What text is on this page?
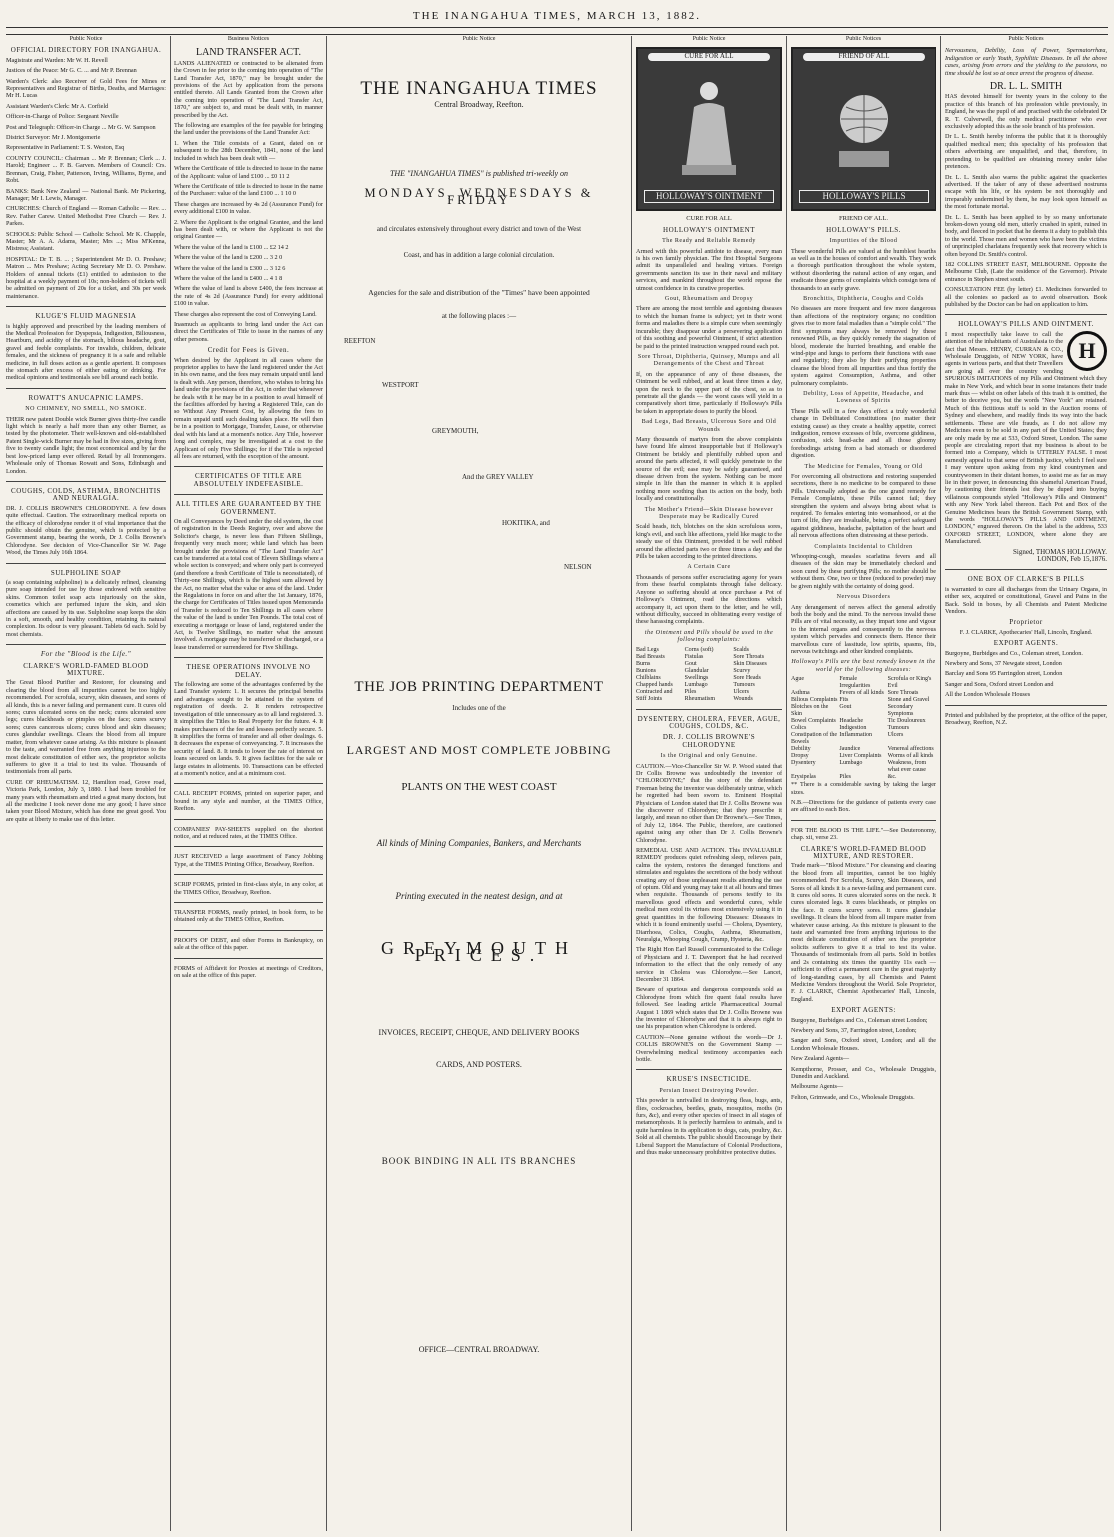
THE INANGAHUA TIMES, MARCH 13, 1882.
Public Notice
OFFICIAL DIRECTORY FOR INANGAHUA.

Magistrate and Warden: Mr W. H. Revell

Justices of the Peace: Mr G. C. ... and Mr P. Brennan

Warden's Clerk: also Receiver of Gold Fees for Mines or Representatives and Registrar of Births, Deaths, and Marriages: Mr H. Lucas

Assistant Warden's Clerk: Mr A. Corfield

Officer-in-Charge of Police: Sergeant Neville

Post and Telegraph: Officer-in Charge ... Mr G. W. Sampson

District Surveyor: Mr J. Montgomerie

Representative in Parliament: T. S. Weston, Esq

COUNTY COUNCIL: Chairman ... Mr P. Brennan; Clerk ... J. Harold; Engineer ... F. B. Garven. Members of Council: Crs. Brennan, Craig, Fisher, Patterson, Irving, Williams, Byrne, and Robt.

BANKS: Bank New Zealand — National Bank. Mr Pickering, Manager; Mr I. Lewis, Manager.

CHURCHES: Church of England — Roman Catholic — Rev. ... Rev. Father Carew. United Methodist Free Church — Rev. J. Parkes.

SCHOOLS: Public School — Catholic School. Mr K. Chapple, Master; Mr A. A. Adams, Master; Mrs ...; Miss M'Kenna, Mistress; Assistant.

HOSPITAL: Dr T. B. ... ; Superintendent Mr D. O. Preshaw; Matron ... Mrs Preshaw; Acting Secretary Mr D. O. Preshaw. Holders of annual tickets (£1) entitled to admission to the hospital at a weekly payment of 10s; non-holders of tickets will be admitted on payment of 20s for a ticket, and 30s per week maintenance.

KLUGE'S FLUID MAGNESIA

is highly approved and prescribed by the leading members of the Medical Profession for Dyspepsia, Indigestion, Biliousness, Heartburn, and acidity of the stomach, bilious headache, gout, gravel and feeble complaints. For invalids, children, delicate females, and the sickness of pregnancy it is a safe and reliable medicine, in full doses action as a gentle aperient. It composes the stomach after excess of either eating or drinking. For medical opinions and testimonials see bill around each bottle.

ROWATT'S ANUCAPNIC LAMPS.
NO CHIMNEY, NO SMELL, NO SMOKE.

THEIR new patent Double wick Burner gives thirty-five candle light which is nearly a half more than any other Burner, as tested by the photometer. Their well-known and old-established Patent Single-wick Burner may be had in five sizes, giving from five to twenty candle light; the most economical and by far the best low-priced lamp ever offered. Retail by all Ironmongers. Wholesale only of Thomas Rowatt and Sons, Edinburgh and London.

COUGHS, COLDS, ASTHMA, BRONCHITIS AND NEURALGIA.

DR. J. COLLIS BROWNE'S CHLORODYNE. A few doses quite effectual. Caution. The extraordinary medical reports on the efficacy of chlorodyne render it of vital importance that the public should obtain the genuine, which is protected by a Government stamp, bearing the words, Dr J. Collis Browne's Chlorodyne. See decision of Vice-Chancellor Sir W. Page Wood, the Times July 16th 1864.

SULPHOLINE SOAP

(a soap containing sulpholine) is a delicately refined, cleansing pure soap intended for use by those endowed with sensitive skins. Common toilet soap acts injuriously on the skin, cosmetics which are perfumed injure the skin, and skin affections are caused by its use. Sulpholine soap keeps the skin in a soft, smooth, and healthy condition, retaining its natural complexion. Its odour is very pleasant. Tablets 6d each. Sold by most chemists.

For the "Blood is the Life."
CLARKE'S WORLD-FAMED BLOOD MIXTURE.

The Great Blood Purifier and Restorer, for cleansing and clearing the blood from all impurities cannot be too highly recommended. For scrofula, scurvy, skin diseases, and sores of all kinds, this is a never failing and permanent cure. It cures old sores; cures ulcerated sores on the neck; cures ulcerated sore legs; cures blackheads or pimples on the face; cures scurvy sores; cures cancerous ulcers; cures blood and skin diseases; cures glandular swellings. Clears the blood from all impure matter, from whatever cause arising. As this mixture is pleasant to the taste, and warranted free from anything injurious to the most delicate constitution of either sex, the proprietor solicits sufferers to give it a trial to test its value. Thousands of testimonials from all parts.

CURE OF RHEUMATISM. 12, Hamilton road, Grove road, Victoria Park, London, July 3, 1880. I had been troubled for many years with rheumatism and tried a great many doctors, but all the medicine I took never done me any good; I have since taken your Blood Mixture, which has done me great good. You are quite at liberty to make use of this letter.

Business Notices
LAND TRANSFER ACT.

LANDS ALIENATED or contracted to be alienated from the Crown in fee prior to the coming into operation of "The Land Transfer Act, 1870," may be brought under the provisions of the Act by application from the persons entitled thereto. All Lands Granted from the Crown after the coming into operation of "The Land Transfer Act, 1870," are subject to, and must be dealt with, in manner prescribed by the Act.

The following are examples of the fee payable for bringing the land under the provisions of the Land Transfer Act:

1. When the Title consists of a Grant, dated on or subsequent to the 28th December, 1841, none of the land included in which has been dealt with —

Where the Certificate of title is directed to issue in the name of the Applicant: value of land £100 ... £0 11 2

Where the Certificate of title is directed to issue in the name of the Purchaser: value of the land £100 ... 1 10 0

These charges are increased by 4s 2d (Assurance Fund) for every additional £100 in value.

2. Where the Applicant is the original Grantee, and the land has been dealt with, or where the Applicant is not the original Grantee —

Where the value of the land is £100 ... £2 14 2

Where the value of the land is £200 ... 3 2 0

Where the value of the land is £300 ... 3 12 6

Where the value of the land is £400 ... 4 1 8

Where the value of land is above £400, the fees increase at the rate of 4s 2d (Assurance Fund) for every additional £100 in value.

These charges also represent the cost of Conveying Land.

Inasmuch as applicants to bring land under the Act can direct the Certificates of Title to issue in the names of any other persons.

Credit for Fees is Given.

When desired by the Applicant in all cases where the proprietor applies to have the land registered under the Act in his own name, and the fees may remain unpaid until land is dealt with. Any person, therefore, who wishes to bring his land under the provisions of the Act, in order that whenever he deals with it he may be in a position to avail himself of the facilities afforded by having a Registered Title, can do so Without Any Present Cost, by allowing the fees to remain unpaid until such dealing takes place. He will then be in a position to Mortgage, Transfer, Lease, or otherwise deal with his land at a moment's notice. Any Title, however long and complex, may be investigated at a cost to the Applicant of only Five Shillings; for if the Title is rejected all fees are returned, with the exception of the amount.

CERTIFICATES OF TITLE ARE ABSOLUTELY INDEFEASIBLE.
ALL TITLES ARE GUARANTEED BY THE GOVERNMENT.

On all Conveyances by Deed under the old system, the cost of registration in the Deeds Registry, over and above the Solicitor's charge, is never less than Fifteen Shillings, frequently very much more; while land which has been brought under the provisions of "The Land Transfer Act" can be transferred at a total cost of Eleven Shillings where a whole section is conveyed; and where only part is conveyed (and therefore a fresh Certificate of Title is necessitated), of Thirty-one Shillings, which is the highest sum allowed by the Act, no matter what the value or area of the land. Under the Regulations in force on and after the 1st January, 1876, the charge for Certificates of Titles issued upon Memoranda of Transfer is reduced to Ten Shillings in all cases where the value of the land is under Ten Pounds. The total cost of executing a mortgage or lease of land, registered under the Act, is Twelve Shillings, no matter what the amount involved. A mortgage may be transferred or discharged, or a lease transferred or surrendered for Five Shillings.

THESE OPERATIONS INVOLVE NO DELAY.

The following are some of the advantages conferred by the Land Transfer system: 1. It secures the principal benefits and advantages sought to be attained in the system of registration of deeds. 2. It renders retrospective investigation of title unnecessary as to all land registered. 3. It simplifies the Titles to Real Property for the future. 4. It makes purchasers of the fee and lessees perfectly secure. 5. It simplifies the forms of transfer and all other dealings. 6. It decreases the expense of conveyancing. 7. It increases the security of land. 8. It tends to lower the rate of interest on loans secured on lands. 9. It gives facilities for the sale or large estates in allotments. 10. Transactions can be effected at a moment's notice, and at a minimum cost.

CALL RECEIPT FORMS, printed on superior paper, and bound in any style and number, at the TIMES Office, Reefton.

COMPANIES' PAY-SHEETS supplied on the shortest notice, and at reduced rates, at the TIMES Office.

JUST RECEIVED a large assortment of Fancy Jobbing Type, at the TIMES Printing Office, Broadway, Reefton.

SCRIP FORMS, printed in first-class style, in any color, at the TIMES Office, Broadway, Reefton.

TRANSFER FORMS, neatly printed, in book form, to be obtained only at the TIMES Office, Reefton.

PROOFS OF DEBT, and other Forms in Bankruptcy, on sale at the office of this paper.

FORMS of Affidavit for Proxies at meetings of Creditors, on sale at the office of this paper.

Public Notice
THE INANGAHUA TIMES
Central Broadway, Reefton.
THE "INANGAHUA TIMES" is published tri-weekly on
MONDAYS, WEDNESDAYS & FRIDAY
and circulates extensively throughout every district and town of the West
Coast, and has in addition a large colonial circulation.
Agencies for the sale and distribution of the "Times" have been appointed
at the following places :—
REEFTON
WESTPORT
GREYMOUTH,
And the GREY VALLEY
HOKITIKA, and
NELSON
THE JOB PRINTING DEPARTMENT
Includes one of the
LARGEST AND MOST COMPLETE JOBBING
PLANTS ON THE WEST COAST
All kinds of Mining Companies, Bankers, and Merchants
Printing executed in the neatest design, and at
GREYMOUTH PRICES.
INVOICES, RECEIPT, CHEQUE, AND DELIVERY BOOKS
CARDS, AND POSTERS.
BOOK BINDING IN ALL ITS BRANCHES
OFFICE—CENTRAL BROADWAY.
Public Notice
CURE FOR ALL
HOLLOWAY'S OINTMENT
CURE FOR ALL
HOLLOWAY'S OINTMENT
The Ready and Reliable Remedy

Armed with this powerful antidote to disease, every man is his own family physician. The first Hospital Surgeons admit its unparalleled and healing virtues. Foreign governments sanction its use in their naval and military services, and mankind throughout the world repose the utmost confidence in its curative properties.

Gout, Rheumatism and Dropsy

There are among the most terrible and agonising diseases to which the human frame is subject; yet in their worst forms and maladies there is a simple cure when seemingly incurable; they disappear under a persevering application of this soothing and powerful Ointment, if strict attention be paid to the printed instruction wrapped round each pot.

Sore Throat, Diphtheria, Quinsey, Mumps and all Derangements of the Chest and Throat

If, on the appearance of any of these diseases, the Ointment be well rubbed, and at least three times a day, upon the neck to the upper part of the chest, so as to penetrate all the glands — the worst cases will yield in a comparatively short time, particularly if Holloway's Pills be taken in appropriate doses to purify the blood.

Bad Legs, Bad Breasts, Ulcerous Sore and Old Wounds

Many thousands of martyrs from the above complaints have found life almost insupportable but if Holloway's Ointment be briskly and plentifully rubbed upon and around the parts affected, it will quickly penetrate to the source of the evil; ease may be safely guaranteed, and disease driven from the system. Nothing can be more simple in life than the manner in which it is applied nothing more soothing than its action on the body, both locally and constitutionally.

The Mother's Friend—Skin Disease however Desperate may be Radically Cured

Scald heads, itch, blotches on the skin scrofulous sores, king's evil, and such like affections, yield like magic to the steady use of this Ointment, provided it be well rubbed around the affected parts two or three times a day and the Pills be taken according to the printed directions.

A Certain Cure

Thousands of persons suffer excruciating agony for years from these fearful complaints through false delicacy. Anyone so suffering should at once purchase a Pot of Holloway's Ointment, read the directions which accompany it, act upon them to the letter, and he will, without difficulty, succeed in obliterating every vestige of these harassing complaints.

the Ointment and Pills should be used in the following complaints:
Bad Legs	Corns (soft)	Scalds
Bad Breasts	Fistulas	Sore Throats
Burns	Gout	Skin Diseases
Bunions	Glandular	Scurvy
Chilblains	Swellings	Sore Heads
Chapped hands	Lumbago	Tumours
Contracted and	Piles	Ulcers
Stiff Joints	Rheumatism	Wounds
DYSENTERY, CHOLERA, FEVER, AGUE, COUGHS, COLDS, &C.
DR. J. COLLIS BROWNE'S CHLORODYNE
Is the Original and only Genuine.

CAUTION.—Vice-Chancellor Sir W. P. Wood stated that Dr Collis Browne was undoubtedly the inventor of "CHLORODYNE;" that the story of the defendant Freeman being the inventor was deliberately untrue, which he regretted had been sworn to. Eminent Hospital Physicians of London stated that Dr J. Collis Browne was the discoverer of Chlorodyne; that they prescribe it largely, and mean no other than Dr Browne's.—See Times, of July 12, 1864. The Public, therefore, are cautioned against using any other than Dr J. Collis Browne's Chlorodyne.

REMEDIAL USE AND ACTION. This INVALUABLE REMEDY produces quiet refreshing sleep, relieves pain, calms the system, restores the deranged functions and stimulates and regulates the secretions of the body without creating any of those unpleasant results attending the use of opium. Old and young may take it at all hours and times when requisite. Thousands of persons testify to its marvellous good effects and wonderful cures, while medical men extol its virtues most extensively using it in great quantities in the following Diseases: Diseases in which it is found eminently useful — Cholera, Dysentery, Diarrhoea, Colics, Coughs, Asthma, Rheumatism, Neuralgia, Whooping Cough, Cramp, Hysteria, &c.

The Right Hon Earl Russell communicated to the College of Physicians and J. T. Davenport that he had received information to the effect that the only remedy of any service in Cholera was Chlorodyne.—See Lancet, December 31 1864.

Beware of spurious and dangerous compounds sold as Chlorodyne from which fire quent fatal results have followed. See leading article Pharmaceutical Journal August 1 1869 which states that Dr J. Collis Browne was the inventor of Chlorodyne and that it is always right to use his preparation when Chlorodyne is ordered.

CAUTION—None genuine without the words—Dr J. COLLIS BROWNE'S on the Government Stamp — Overwhelming medical testimony accompanies each bottle.

KRUSE'S INSECTICIDE.
Persian Insect Destroying Powder.

This powder is unrivalled in destroying fleas, bugs, ants, flies, cockroaches, beetles, gnats, mosquitos, moths (in furs, &c), and every other species of insect in all stages of metamorphosis. It is perfectly harmless to animals, and is quite harmless in its application to dogs, cats, poultry, &c. Sold at all chemists. The public should Encourage by their Liberal Support the Manufacture of Colonial Productions, and thus make unnecessary prohibitive protective duties.

Public Notices
FRIEND OF ALL
HOLLOWAY'S PILLS
FRIEND OF ALL.
HOLLOWAY'S PILLS.
Impurities of the Blood

These wonderful Pills are valued at the humblest hearths as well as in the houses of comfort and wealth. They work a thorough purification throughout the whole system, without disordering the natural action of any organ, and eradicate those germs of complaints which consign tens of thousands to an early grave.

Bronchitis, Diphtheria, Coughs and Colds

No diseases are more frequent and few more dangerous than affections of the respiratory organs; no condition gives rise to more fatal maladies than a "simple cold." The first symptoms may always be removed by these renowned Pills, as they quickly remedy the stagnation of blood, moderate the hurried breathing, and enable the wind-pipe and lungs to perform their functions with ease and regularity; they also by their purifying properties cleanse the blood from all impurities and thus fortify the system against Consumption, Asthma, and other pulmonary complaints.

Debility, Loss of Appetite, Headache, and Lowness of Spirits

These Pills will in a few days effect a truly wonderful change in Debilitated Constitutions (no matter their existing cause) as they create a healthy appetite, correct indigestion, remove excesses of bile, overcome giddiness, confusion, sick head-ache and all those gloomy forebodings arising from a bad stomach or disordered digestion.

The Medicine for Females, Young or Old

For overcoming all obstructions and restoring suspended secretions, there is no medicine to be compared to these Pills. Universally adopted as the one grand remedy for Female Complaints, these Pills cannot fail; they strengthen the system and always bring about what is required. To females entering into womanhood, or at the turn of life, they are invaluable, being a perfect safeguard against giddiness, headache, palpitation of the heart and all nervous affections often distressing at these periods.

Complaints Incidental to Children

Whooping-cough, measles scarlatina fevers and all diseases of the skin may be immediately checked and soon cured by these purifying Pills; no mother should be without them. One, two or three (reduced to powder) may be given nightly with the certainty of doing good.

Nervous Disorders

Any derangement of nerves affect the general adroitly both the body and the mind. To the nervous invalid these Pills are of vital necessity, as they impart tone and vigour to the internal organs and consequently to the nervous system which pervades and connects them. Hence their marvellous cure of lassitude, low spirits, spasms, fits, nervous twitchings and other kindred complaints.

Holloway's Pills are the best remedy known in the world for the following diseases:
Ague	Female Irregularities
Scrofula or King's Evil
Asthma	Fevers of all kinds Sore Throats
Bilious Complaints Fits	Stone and Gravel
Blotches on the Skin
Gout	Secondary Symptoms
Bowel Complaints Headache	Tic Douloureux
Colics	Indigestion	Tumours
Constipation of the Bowels
Inflammation	Ulcers
Debility	Jaundice	Venereal affections
Dropsy	Liver Complaints	Worms of all kinds
Dysentery	Lumbago	Weakness, from what ever cause
Erysipelas	Piles	&c.

** There is a considerable saving by taking the larger sizes.

N.B.—Directions for the guidance of patients every case are affixed to each Box.

FOR THE BLOOD IS THE LIFE."—See Deuteronomy, chap. xii, verse 23.

CLARKE'S WORLD-FAMED BLOOD MIXTURE, AND RESTORER.

Trade mark—"Blood Mixture." For cleansing and clearing the blood from all impurities, cannot be too highly recommended. For Scrofula, Scurvy, Skin Diseases, and Sores of all kinds it is a never-failing and permanent cure. It cures old sores. It cures ulcerated sores on the neck. It cures ulcerated legs. It cures blackheads, or pimples on the face. It cures scurvy sores. It cures glandular swellings. It clears the blood from all impure matter from whatever cause arising. As this mixture is pleasant to the taste and warranted free from anything injurious to the most delicate constitution of either sex the proprietor solicits sufferers to give it a trial to test its value. Thousands of testimonials from all parts. Sold in bottles and 2s containing six times the quantity 11s each — sufficient to effect a permanent cure in the great majority of long-standing cases, by all Chemists and Patent Medicine Vendors throughout the World. Sole Proprietor, F. J. CLARKE, Chemist Apothecaries' Hall, Lincoln, England.

EXPORT AGENTS:

Burgoyne, Burbidges and Co., Coleman street London;

Newbery and Sons, 37, Farringdon street, London;

Sanger and Sons, Oxford street, London; and all the London Wholesale Houses.

New Zealand Agents—

Kempthorne, Prosser, and Co., Wholesale Druggists, Dunedin and Auckland.

Melbourne Agents—

Felton, Grimwade, and Co., Wholesale Druggists.

Public Notices

Nervousness, Debility, Loss of Power, Spermatorrhœa, Indigestion or early Youth, Syphilitic Diseases. In all the above cases, arising from errors and the yielding to the passions, no time should be lost so at once arrest the progress of disease.

DR. L. L. SMITH

HAS devoted himself for twenty years in the colony to the practice of this branch of his profession while previously, in England, he was the pupil of and practised with the celebrated Dr R. T. Culverwell, the only medical practitioner who ever exclusively adopted this as the sole branch of his profession.

Dr L. L. Smith hereby informs the public that it is thoroughly qualified medical men; this speciality of his profession that others advertising are unqualified, and that, therefore, in pretending to be qualified are obtaining money under false pretences.

Dr. L. L. Smith also warns the public against the quackeries advertised. If the taker of any of these advertised nostrums escape with his life, or his system be not thoroughly and irreparably undermined by them, he may look upon himself as the most fortunate mortal.

Dr. L. L. Smith has been applied to by so many unfortunate broken-down young old men, utterly crushed in spirit, ruined in body, and fleeced in pocket that he deems it a duty to publish this to the world. Those men and women who have been the victims of unprincipled charlatans frequently seek that recovery which is often beyond Dr. Smith's control.

182 COLLINS STREET EAST, MELBOURNE. Opposite the Melbourne Club, (Late the residence of the Governor). Private entrance in Stephen street south.

CONSULTATION FEE (by letter) £1. Medicines forwarded to all the colonies so packed as to avoid observation. Book published by the Doctor can be had on application to him.

HOLLOWAY'S PILLS AND OINTMENT.
H

I most respectfully take leave to call the attention of the inhabitants of Australasia to the fact that Messrs. HENRY, CURRAN & CO., Wholesale Druggists, of NEW YORK, have agents in various parts, and that their Travellers are going all over the country vending SPURIOUS IMITATIONS of my Pills and Ointment which they make in New York, and which bear in some instances their trade mark thus — whilst on other labels of this trash it is omitted, the better to deceive you, but the words "New York" are retained. Much of this fictitious stuff is sold in the Auction rooms of Sydney and elsewhere, and readily finds its way into the back settlements. These are vile frauds, as I do not allow my Medicines even to be sold in any part of the United States; they are only made by me at 533, Oxford Street, London. The same people are circulating report that my business is about to be formed into a Company, which is UTTERLY FALSE. I most earnestly appeal to that sense of British justice, which I feel sure I may venture upon asking from my kind countrymen and countrywomen in their distant homes, to assist me as far as may lie in their power, in denouncing this shameful American Fraud, by cautioning their friends lest they be duped into buying villainous compounds styled "Holloway's Pills and Ointment" with any New York label thereon. Each Pot and Box of the Genuine Medicines bears the British Government Stamp, with the words "HOLLOWAY'S PILLS AND OINTMENT, LONDON," engraved thereon. On the label is the address, 533 OXFORD STREET, LONDON, where alone they are Manufactured.

Signed, THOMAS HOLLOWAY.
LONDON, Feb 15,1876.
ONE BOX OF CLARKE'S B PILLS

is warranted to cure all discharges from the Urinary Organs, in either sex, acquired or constitutional, Gravel and Pains in the Back. Sold in boxes, by all Chemists and Patent Medicine Vendors.

Proprietor

F. J. CLARKE, Apothecaries' Hall, Lincoln, England.

EXPORT AGENTS.

Burgoyne, Burbidges and Co., Coleman street, London.

Newbery and Sons, 37 Newgate street, London

Barclay and Sons 95 Farringdon street, London

Sanger and Sons, Oxford street London and

All the London Wholesale Houses

Printed and published by the proprietor, at the office of the paper, Broadway, Reefton, N.Z.
